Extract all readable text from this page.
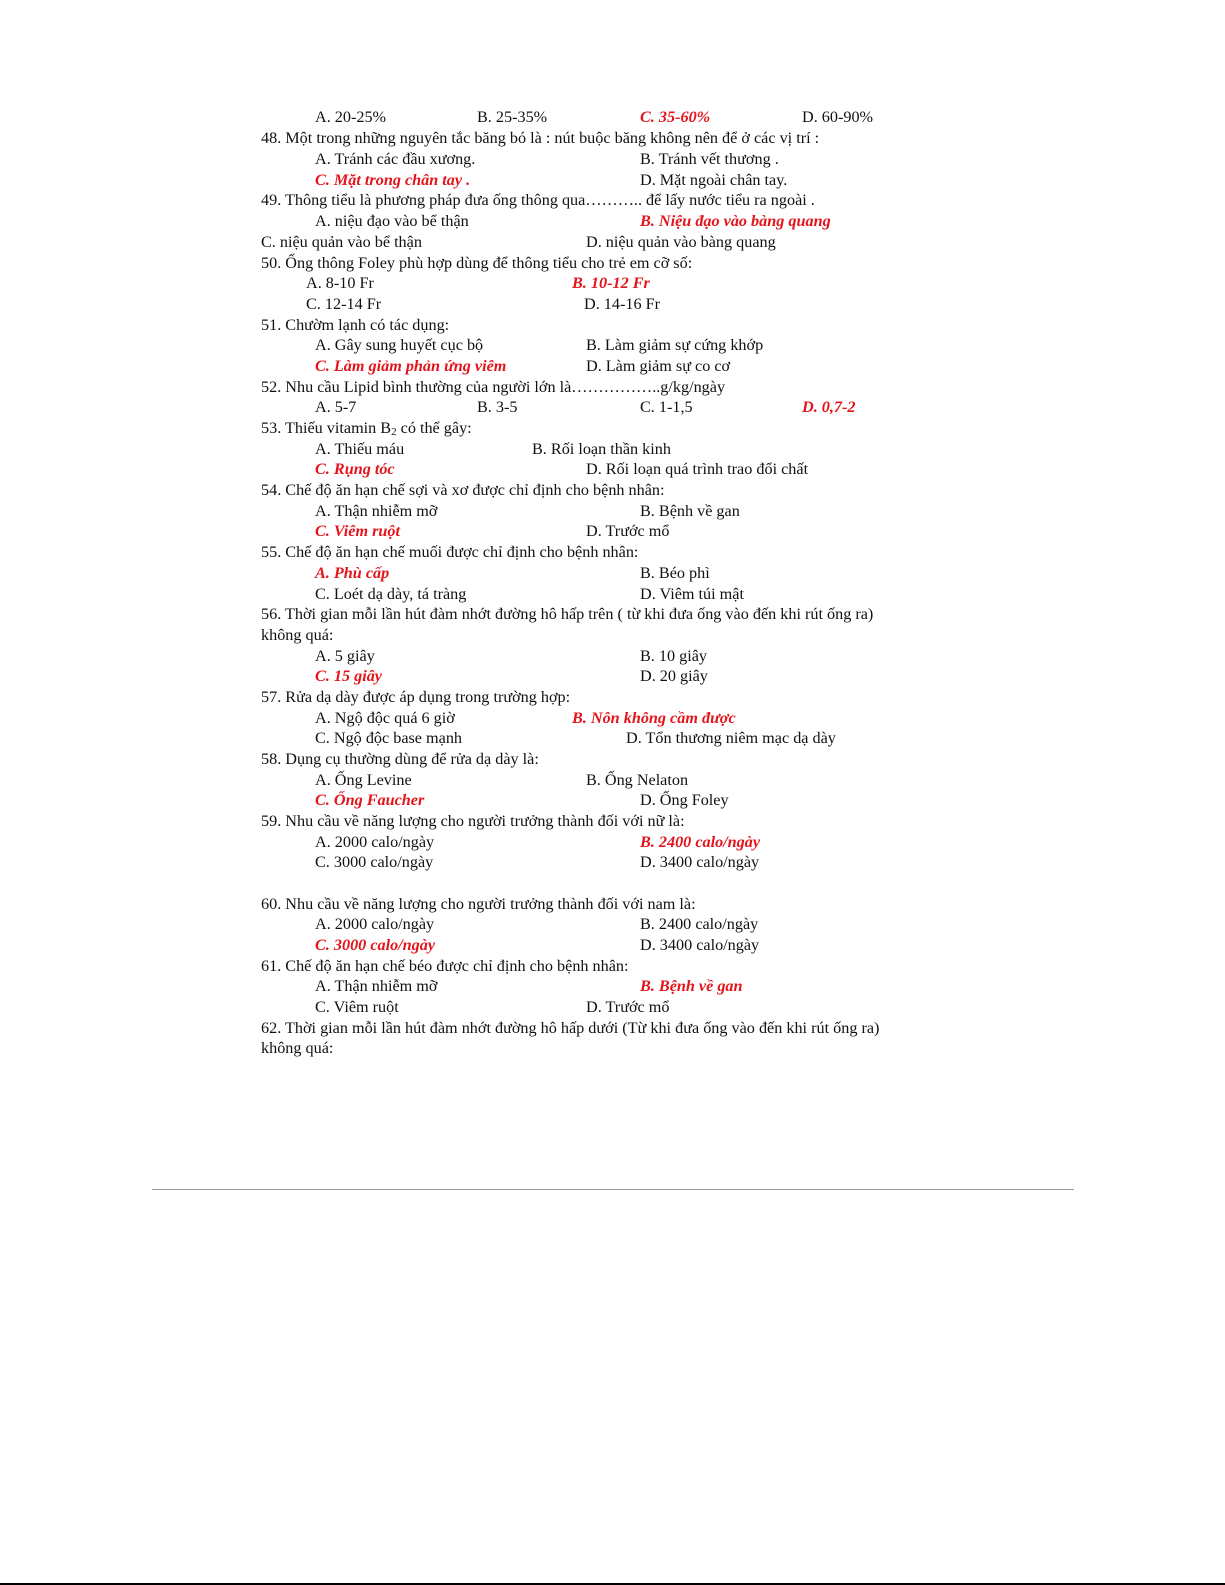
A. 20-25%	B. 25-35%	C. 35-60%	D. 60-90%
48. Một trong những nguyên tắc băng bó là : nút buộc băng không nên để ở các vị trí :
A. Tránh các đầu xương.	B. Tránh vết thương .
C. Mặt trong chân tay .	D. Mặt ngoài chân tay.
49. Thông tiểu là phương pháp đưa ống thông qua……….. để lấy nước tiểu ra ngoài .
A. niệu đạo vào bể thận	B. Niệu đạo vào bàng quang
C. niệu quản vào bể thận	D. niệu quản vào bàng quang
50. Ống thông Foley phù hợp dùng để thông tiểu cho trẻ em cỡ số:
A. 8-10 Fr	B. 10-12 Fr
C. 12-14 Fr	D. 14-16 Fr
51. Chườm lạnh có tác dụng:
A. Gây sung huyết cục bộ	B. Làm giảm sự cứng khớp
C. Làm giảm phản ứng viêm	D. Làm giảm sự co cơ
52. Nhu cầu Lipid bình thường của người lớn là……………..g/kg/ngày
A. 5-7	B. 3-5	C. 1-1,5	D. 0,7-2
53. Thiếu vitamin $B_2$ có thể gây:
A. Thiếu máu	B. Rối loạn thần kinh
C. Rụng tóc	D. Rối loạn quá trình trao đổi chất
54. Chế độ ăn hạn chế sợi và xơ được chỉ định cho bệnh nhân:
A. Thận nhiễm mỡ	B. Bệnh về gan
C. Viêm ruột	D. Trước mổ
55. Chế độ ăn hạn chế muối được chỉ định cho bệnh nhân:
A. Phù cấp	B. Béo phì
C. Loét dạ dày, tá tràng	D. Viêm túi mật
56. Thời gian mỗi lần hút đàm nhớt đường hô hấp trên ( từ khi đưa ống vào đến khi rút ống ra)
không quá:
A. 5 giây	B. 10 giây
C. 15 giây	D. 20 giây
57. Rửa dạ dày được áp dụng trong trường hợp:
A. Ngộ độc quá 6 giờ	B. Nôn không cầm được
C. Ngộ độc base mạnh	D. Tổn thương niêm mạc dạ dày
58. Dụng cụ thường dùng để rửa dạ dày là:
A. Ống Levine	B. Ống Nelaton
C. Ống Faucher	D. Ống Foley
59. Nhu cầu về năng lượng cho người trưởng thành đối với nữ là:
A. 2000 calo/ngày	B. 2400 calo/ngày
C. 3000 calo/ngày	D. 3400 calo/ngày
60. Nhu cầu về năng lượng cho người trưởng thành đối với nam là:
A. 2000 calo/ngày	B. 2400 calo/ngày
C. 3000 calo/ngày	D. 3400 calo/ngày
61. Chế độ ăn hạn chế béo được chỉ định cho bệnh nhân:
A. Thận nhiễm mỡ	B. Bệnh về gan
C. Viêm ruột	D. Trước mổ
62. Thời gian mỗi lần hút đàm nhớt đường hô hấp dưới (Từ khi đưa ống vào đến khi rút ống ra)
không quá:
